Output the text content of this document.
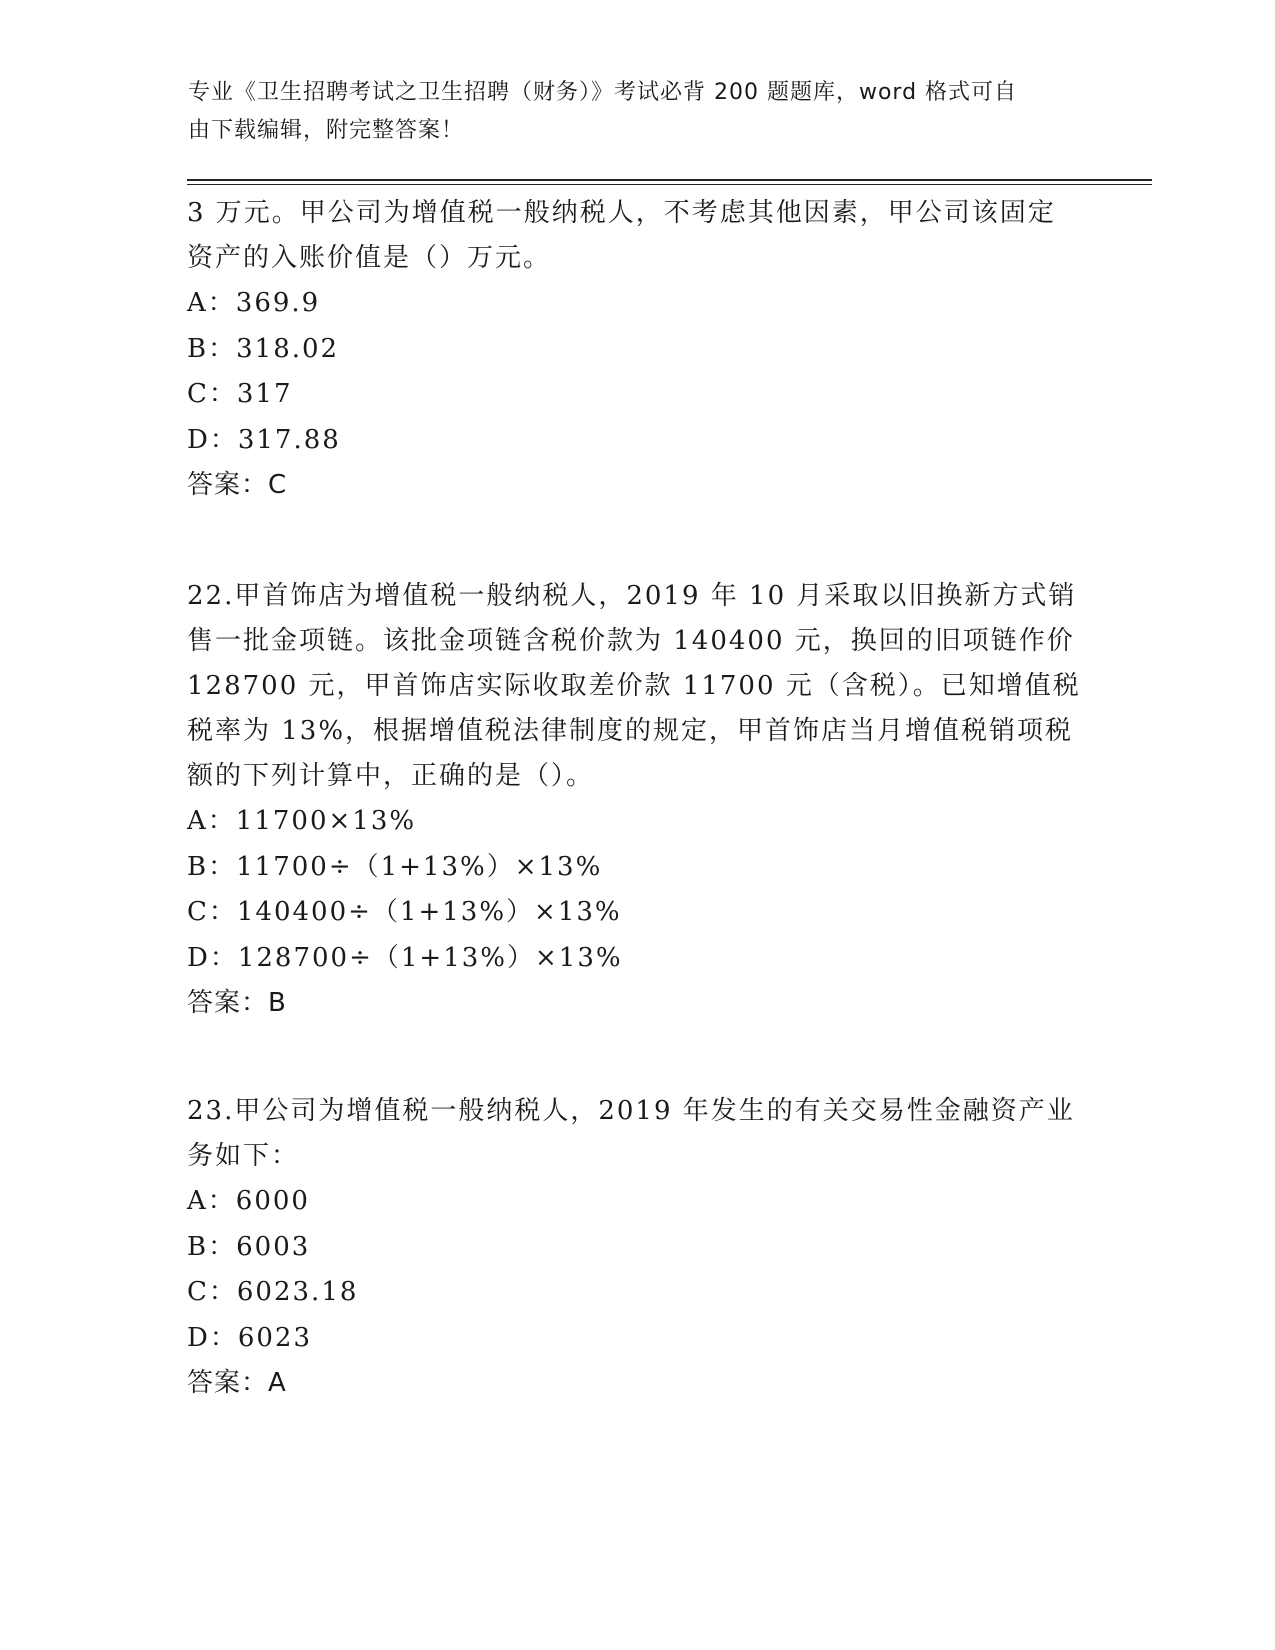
专业《卫生招聘考试之卫生招聘（财务）》考试必背 200 题题库，word 格式可自
由下载编辑，附完整答案！

3 万元。甲公司为增值税一般纳税人，不考虑其他因素，甲公司该固定

资产的入账价值是（）万元。

A：369.9

B：318.02

C：317

D：317.88

答案：C

22.甲首饰店为增值税一般纳税人，2019 年 10 月采取以旧换新方式销

售一批金项链。该批金项链含税价款为 140400 元，换回的旧项链作价

128700 元，甲首饰店实际收取差价款 11700 元（含税）。已知增值税

税率为 13%，根据增值税法律制度的规定，甲首饰店当月增值税销项税

额的下列计算中，正确的是（）。

A：11700×13%

B：11700÷（1+13%）×13%

C：140400÷（1+13%）×13%

D：128700÷（1+13%）×13%

答案：B

23.甲公司为增值税一般纳税人，2019 年发生的有关交易性金融资产业

务如下：

A：6000

B：6003

C：6023.18

D：6023

答案：A
